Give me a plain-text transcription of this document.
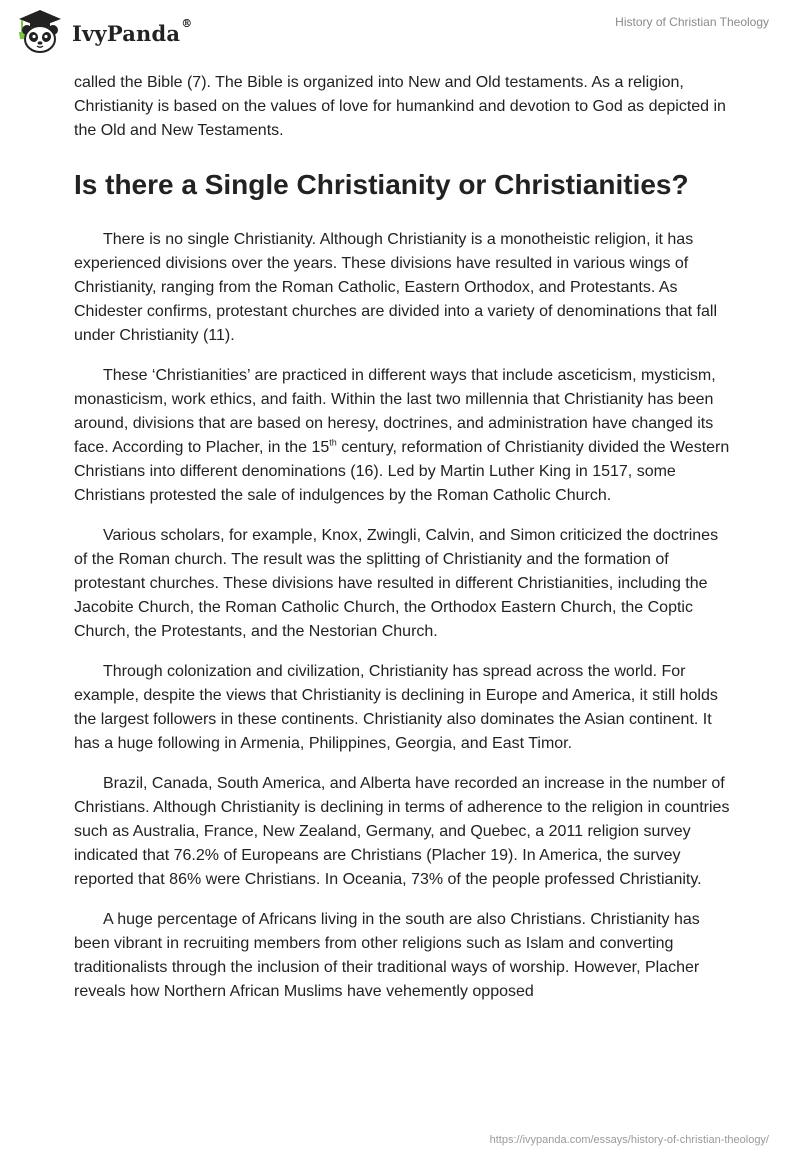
IvyPanda®	History of Christian Theology

called the Bible (7). The Bible is organized into New and Old testaments. As a religion, Christianity is based on the values of love for humankind and devotion to God as depicted in the Old and New Testaments.

Is there a Single Christianity or Christianities?

There is no single Christianity. Although Christianity is a monotheistic religion, it has experienced divisions over the years. These divisions have resulted in various wings of Christianity, ranging from the Roman Catholic, Eastern Orthodox, and Protestants. As Chidester confirms, protestant churches are divided into a variety of denominations that fall under Christianity (11).

These ‘Christianities’ are practiced in different ways that include asceticism, mysticism, monasticism, work ethics, and faith. Within the last two millennia that Christianity has been around, divisions that are based on heresy, doctrines, and administration have changed its face. According to Placher, in the 15th century, reformation of Christianity divided the Western Christians into different denominations (16). Led by Martin Luther King in 1517, some Christians protested the sale of indulgences by the Roman Catholic Church.

Various scholars, for example, Knox, Zwingli, Calvin, and Simon criticized the doctrines of the Roman church. The result was the splitting of Christianity and the formation of protestant churches. These divisions have resulted in different Christianities, including the Jacobite Church, the Roman Catholic Church, the Orthodox Eastern Church, the Coptic Church, the Protestants, and the Nestorian Church.

Through colonization and civilization, Christianity has spread across the world. For example, despite the views that Christianity is declining in Europe and America, it still holds the largest followers in these continents. Christianity also dominates the Asian continent. It has a huge following in Armenia, Philippines, Georgia, and East Timor.

Brazil, Canada, South America, and Alberta have recorded an increase in the number of Christians. Although Christianity is declining in terms of adherence to the religion in countries such as Australia, France, New Zealand, Germany, and Quebec, a 2011 religion survey indicated that 76.2% of Europeans are Christians (Placher 19). In America, the survey reported that 86% were Christians. In Oceania, 73% of the people professed Christianity.

A huge percentage of Africans living in the south are also Christians. Christianity has been vibrant in recruiting members from other religions such as Islam and converting traditionalists through the inclusion of their traditional ways of worship. However, Placher reveals how Northern African Muslims have vehemently opposed

https://ivypanda.com/essays/history-of-christian-theology/
